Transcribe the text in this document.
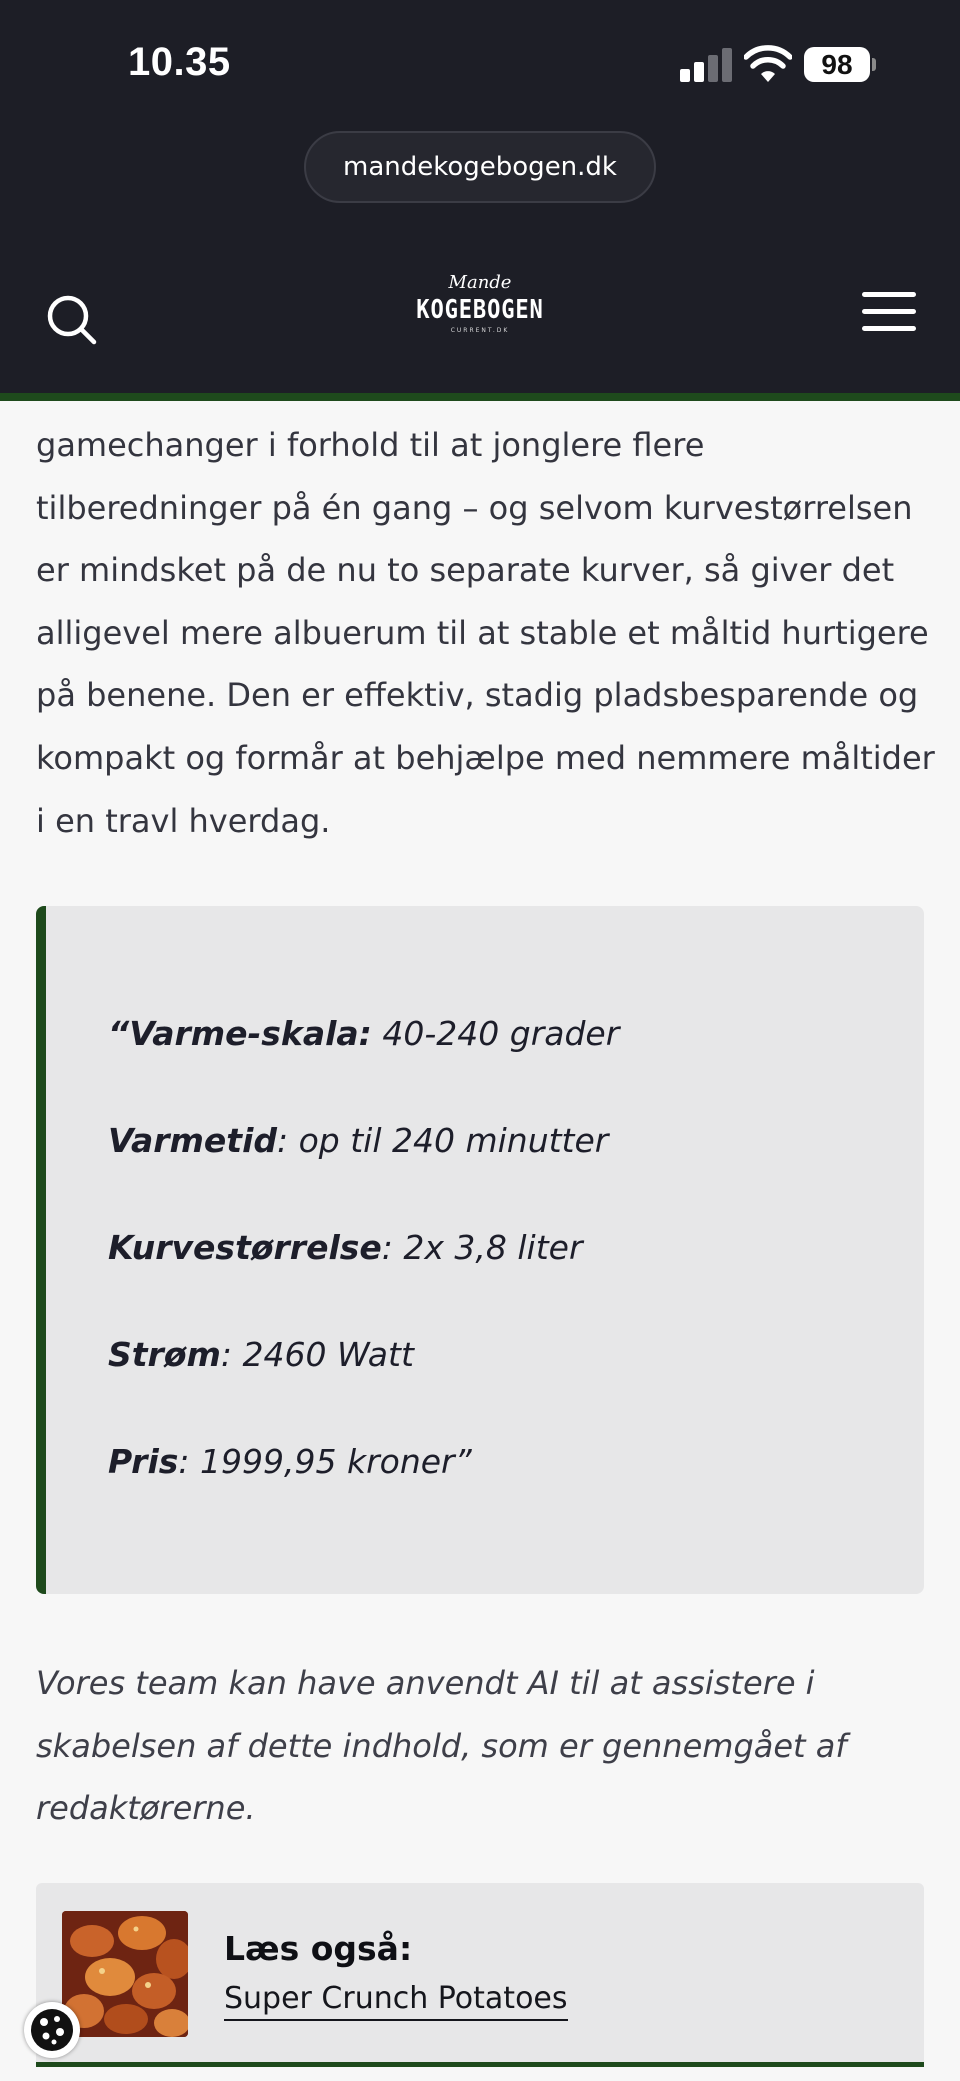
10.35	98
mandekogebogen.dk
Mande
KOGEBOGEN
CURRENT.DK
gamechanger i forhold til at jonglere flere
tilberedninger på én gang – og selvom kurvestørrelsen
er mindsket på de nu to separate kurver, så giver det
alligevel mere albuerum til at stable et måltid hurtigere
på benene. Den er effektiv, stadig pladsbesparende og
kompakt og formår at behjælpe med nemmere måltider
i en travl hverdag.
“Varme-skala: 40-240 grader
Varmetid: op til 240 minutter
Kurvestørrelse: 2x 3,8 liter
Strøm: 2460 Watt
Pris: 1999,95 kroner”
Vores team kan have anvendt AI til at assistere i
skabelsen af dette indhold, som er gennemgået af
redaktørerne.
Læs også:
Super Crunch Potatoes
